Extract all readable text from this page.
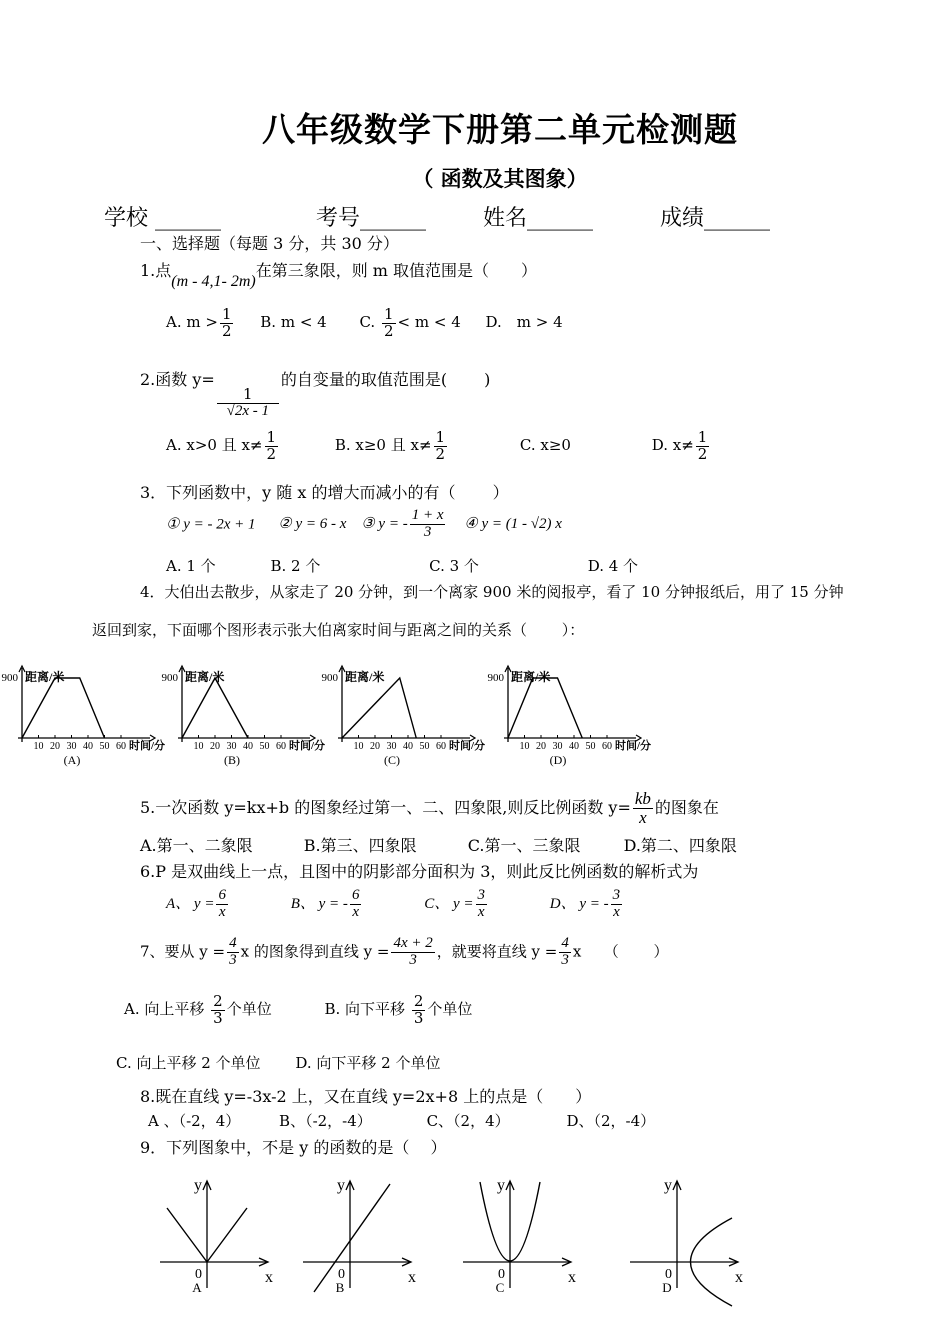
八年级数学下册第二单元检测题
（ 函数及其图象）
学校 ______	考号______	姓名______	成绩______
一、选择题（每题 3 分，共 30 分）
1.点(m - 4,1- 2m)在第三象限，则 m 取值范围是（　　）
A. $m > \frac{1}{2} B$. m < 4 C. $\frac{1}{2} < m < 4$ D.　m > 4
2.函数 y=
$\frac{1}{√2x - 1}$
的自变量的取值范围是(　　 )
A. x>0 且 $x\ne \frac{1}{2}$	B. x≥0 且 $x\ne \frac{1}{2}$	C. x≥0	D. $x\ne \frac{1}{2}$
3．下列函数中，y 随 x 的增大而减小的有（　　 ）
① y = - 2x + 1 ② y = 6 - x ③ y = - $\frac{1 + x}{3}$ ④ y = (1 - √2) x
A. 1 个	B. 2 个	C. 3 个	D. 4 个
4．大伯出去散步，从家走了 20 分钟，到一个离家 900 米的阅报亭，看了 10 分钟报纸后，用了 15 分钟
返回到家，下面哪个图形表示张大伯离家时间与距离之间的关系（　　 ）：
900 距离/米
10 20 30 40 50 60 时间/分
(A)
900 距离/米
10 20 30 40 50 60 时间/分
(B)
900 距离/米
10 20 30 40 50 60 时间/分
(C)
900 距离/米
10 20 30 40 50 60 时间/分
(D)
5.一次函数 y=kx+b 的图象经过第一、二、四象限,则反比例函数 $y= \frac{kb}{x}$ 的图象在
A.第一、二象限	B.第三、四象限	C.第一、三象限	D.第二、四象限
6.P 是双曲线上一点，且图中的阴影部分面积为 3，则此反比例函数的解析式为
A、 $y = \frac{6}{x}$	B、 y = - $\frac{6}{x}$	C、 $y = \frac{3}{x}$	D、 y = - $\frac{3}{x}$
7、要从 $y = \frac{4}{3}$ x 的图象得到直线 $y = \frac{4x + 2}{3}$ ，就要将直线 $y = \frac{4}{3}$ x　　（　　 ）
A. 向上平移 $\frac{2}{3}$ 个单位	B. 向下平移 $\frac{2}{3}$ 个单位
C. 向上平移 2 个单位 D. 向下平移 2 个单位
8.既在直线 y=-3x-2 上，又在直线 y=2x+8 上的点是（　　）
A 、（-2，4）	B、（-2，-4）	C、（2，4）	D、（2，-4）
9．下列图象中，不是 y 的函数的是（　 ）
y
x
0
A
y
x
0
B
y
x
0
C
y
x
0
D
